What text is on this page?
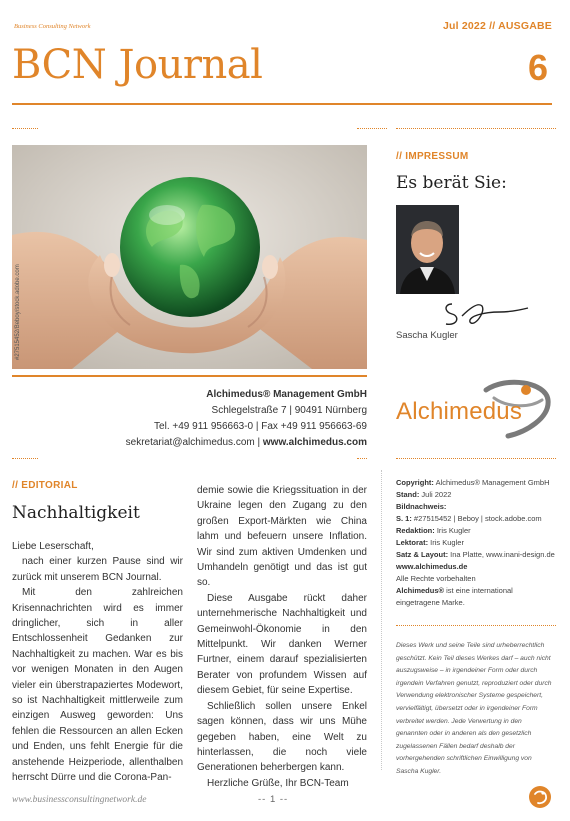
Business Consulting Network	Jul 2022 // AUSGABE
BCN Journal	6
#27515452/Beboy/stock.adobe.com
Alchimedus® Management GmbH
Schlegelstraße 7 | 90491 Nürnberg
Tel. +49 911 956663-0 | Fax +49 911 956663-69
sekretariat@alchimedus.com | www.alchimedus.com
// IMPRESSUM
Es berät Sie:
Sascha Kugler
Alchimedus
Copyright: Alchimedus® Management GmbH
Stand: Juli 2022
Bildnachweis:
S. 1: #27515452 | Beboy | stock.adobe.com
Redaktion: Iris Kugler
Lektorat: Iris Kugler
Satz & Layout: Ina Platte, www.inani-design.de
www.alchimedus.de
Alle Rechte vorbehalten
Alchimedus® ist eine international eingetragene Marke.
Dieses Werk und seine Teile sind urheberrechtlich geschützt. Kein Teil dieses Werkes darf – auch nicht auszugsweise – in irgendeiner Form oder durch irgendein Verfahren genutzt, reproduziert oder durch Verwendung elektronischer Systeme gespeichert, vervielfältigt, übersetzt oder in irgendeiner Form verbreitet werden. Jede Verwertung in den genannten oder in anderen als den gesetzlich zugelassenen Fällen bedarf deshalb der vorhergehenden schriftlichen Einwilligung von Sascha Kugler.
// EDITORIAL
Nachhaltigkeit

Liebe Leserschaft,

nach einer kurzen Pause sind wir zurück mit unserem BCN Journal.

Mit den zahlreichen Krisennachrichten wird es immer dringlicher, sich in aller Entschlossenheit Gedanken zur Nachhaltigkeit zu machen. War es bis vor wenigen Monaten in den Augen vieler ein überstrapaziertes Modewort, so ist Nachhaltigkeit mittlerweile zum einzigen Ausweg geworden: Uns fehlen die Ressourcen an allen Ecken und Enden, uns fehlt Energie für die anstehende Heizperiode, allenthalben herrscht Dürre und die Corona-Pan-

demie sowie die Kriegssituation in der Ukraine legen den Zugang zu den großen Export-Märkten wie China lahm und befeuern unsere Inflation. Wir sind zum aktiven Umdenken und Umhandeln genötigt und das ist gut so.

Diese Ausgabe rückt daher unternehmerische Nachhaltigkeit und Gemeinwohl-Ökonomie in den Mittelpunkt. Wir danken Werner Furtner, einem darauf spezialisierten Berater von profundem Wissen auf diesem Gebiet, für seine Expertise.

Schließlich sollen unsere Enkel sagen können, dass wir uns Mühe gegeben haben, eine Welt zu hinterlassen, die noch viele Generationen beherbergen kann.

Herzliche Grüße, Ihr BCN-Team

www.businessconsultingnetwork.de	-- 1 --
